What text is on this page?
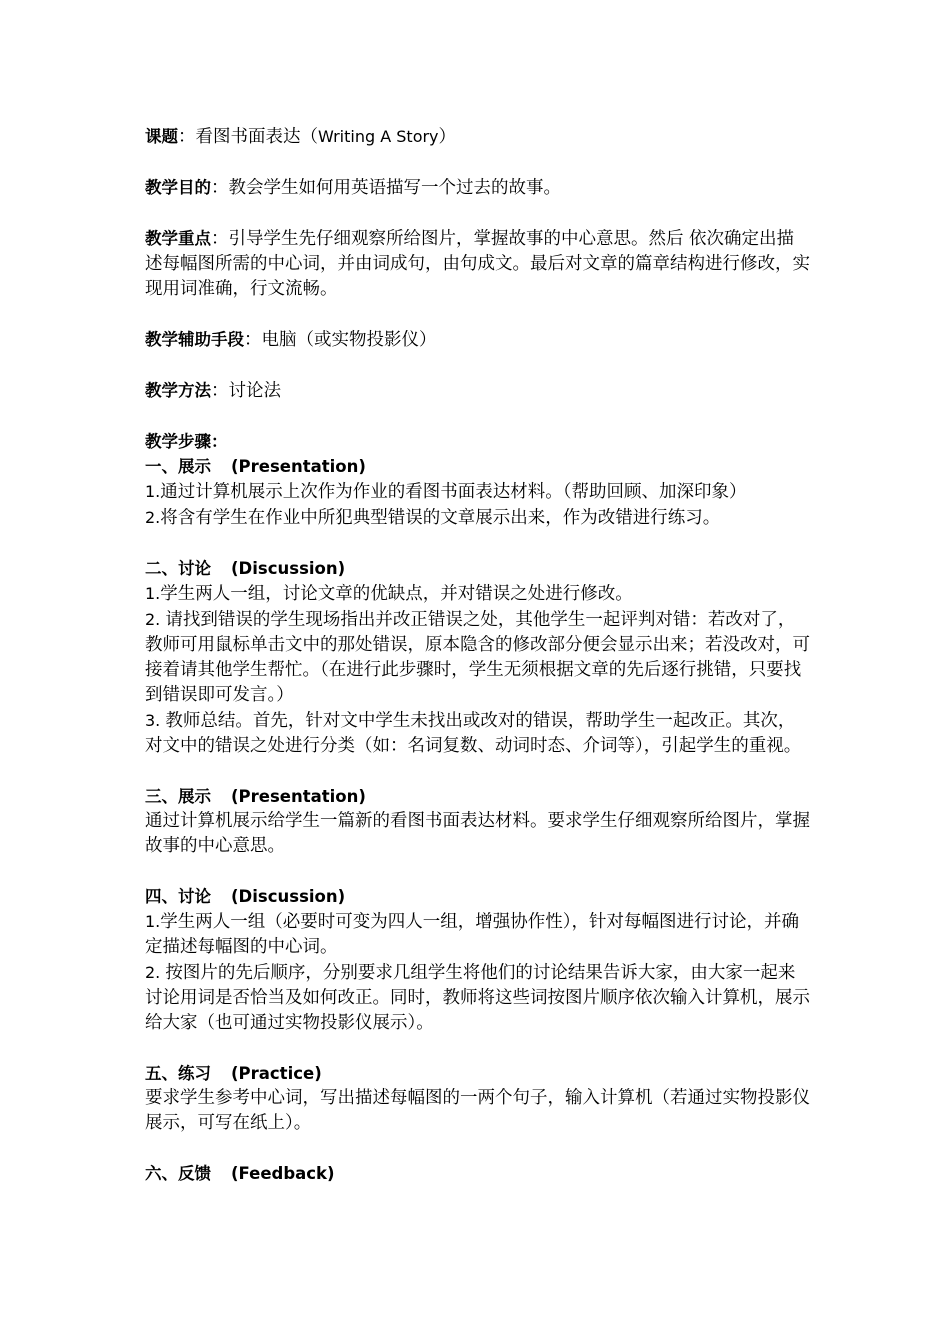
课题：看图书面表达（Writing A Story）

教学目的：教会学生如何用英语描写一个过去的故事。

教学重点：引导学生先仔细观察所给图片，掌握故事的中心意思。然后 依次确定出描述每幅图所需的中心词，并由词成句，由句成文。最后对文章的篇章结构进行修改，实现用词准确，行文流畅。

教学辅助手段：电脑（或实物投影仪）

教学方法：讨论法

教学步骤：

一、展示 (Presentation)

1.通过计算机展示上次作为作业的看图书面表达材料。（帮助回顾、加深印象）

2.将含有学生在作业中所犯典型错误的文章展示出来，作为改错进行练习。

二、讨论 (Discussion)

1.学生两人一组，讨论文章的优缺点，并对错误之处进行修改。

2. 请找到错误的学生现场指出并改正错误之处，其他学生一起评判对错：若改对了，教师可用鼠标单击文中的那处错误，原本隐含的修改部分便会显示出来；若没改对，可接着请其他学生帮忙。（在进行此步骤时，学生无须根据文章的先后逐行挑错，只要找到错误即可发言。）

3. 教师总结。首先，针对文中学生未找出或改对的错误，帮助学生一起改正。其次，对文中的错误之处进行分类（如：名词复数、动词时态、介词等），引起学生的重视。

三、展示 (Presentation)

通过计算机展示给学生一篇新的看图书面表达材料。要求学生仔细观察所给图片，掌握故事的中心意思。

四、讨论 (Discussion)

1.学生两人一组（必要时可变为四人一组，增强协作性），针对每幅图进行讨论，并确定描述每幅图的中心词。

2. 按图片的先后顺序，分别要求几组学生将他们的讨论结果告诉大家，由大家一起来讨论用词是否恰当及如何改正。同时，教师将这些词按图片顺序依次输入计算机，展示给大家（也可通过实物投影仪展示）。

五、练习 (Practice)

要求学生参考中心词，写出描述每幅图的一两个句子，输入计算机（若通过实物投影仪展示，可写在纸上）。

六、反馈 (Feedback)
